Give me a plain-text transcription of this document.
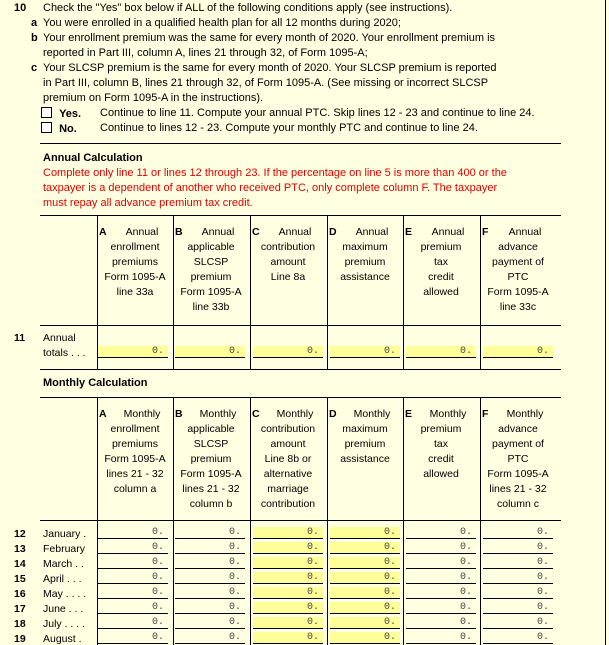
10 Check the "Yes" box below if ALL of the following conditions apply (see instructions).
a You were enrolled in a qualified health plan for all 12 months during 2020;
b Your enrollment premium was the same for every month of 2020. Your enrollment premium is
reported in Part III, column A, lines 21 through 32, of Form 1095-A;
c Your SLCSP premium is the same for every month of 2020. Your SLCSP premium is reported
in Part III, column B, lines 21 through 32, of Form 1095-A. (See missing or incorrect SLCSP
premium on Form 1095-A in the instructions).
Yes. Continue to line 11. Compute your annual PTC. Skip lines 12 - 23 and continue to line 24.
No. Continue to lines 12 - 23. Compute your monthly PTC and continue to line 24.
Annual Calculation
Complete only line 11 or lines 12 through 23. If the percentage on line 5 is more than 400 or the
taxpayer is a dependent of another who received PTC, only complete column F. The taxpayer
must repay all advance premium tax credit.
A	Annual
enrollment
premiums
Form 1095-A
line 33a
B	Annual
applicable
SLCSP
premium
Form 1095-A
line 33b
C	Annual
contribution
amount
Line 8a
D	Annual
maximum
premium
assistance
E	Annual
premium
tax
credit
allowed
F	Annual
advance
payment of
PTC
Form 1095-A
line 33c
11 Annual
totals . . .	0.	0.	0.	0.	0.	0.
Monthly Calculation
A	Monthly
enrollment
premiums
Form 1095-A
lines 21 - 32
column a
B	Monthly
applicable
SLCSP
premium
Form 1095-A
lines 21 - 32
column b
C	Monthly
contribution
amount
Line 8b or
alternative
marriage
contribution
D	Monthly
maximum
premium
assistance
E	Monthly
premium
tax
credit
allowed
F	Monthly
advance
payment of
PTC
Form 1095-A
lines 21 - 32
column c
12 January .	0.	0.	0.	0.	0.	0.
13 February	0.	0.	0.	0.	0.	0.
14 March . .	0.	0.	0.	0.	0.	0.
15 April . . .	0.	0.	0.	0.	0.	0.
16 May . . . .	0.	0.	0.	0.	0.	0.
17 June . . .	0.	0.	0.	0.	0.	0.
18 July . . . .	0.	0.	0.	0.	0.	0.
19 August .	0.	0.	0.	0.	0.	0.
